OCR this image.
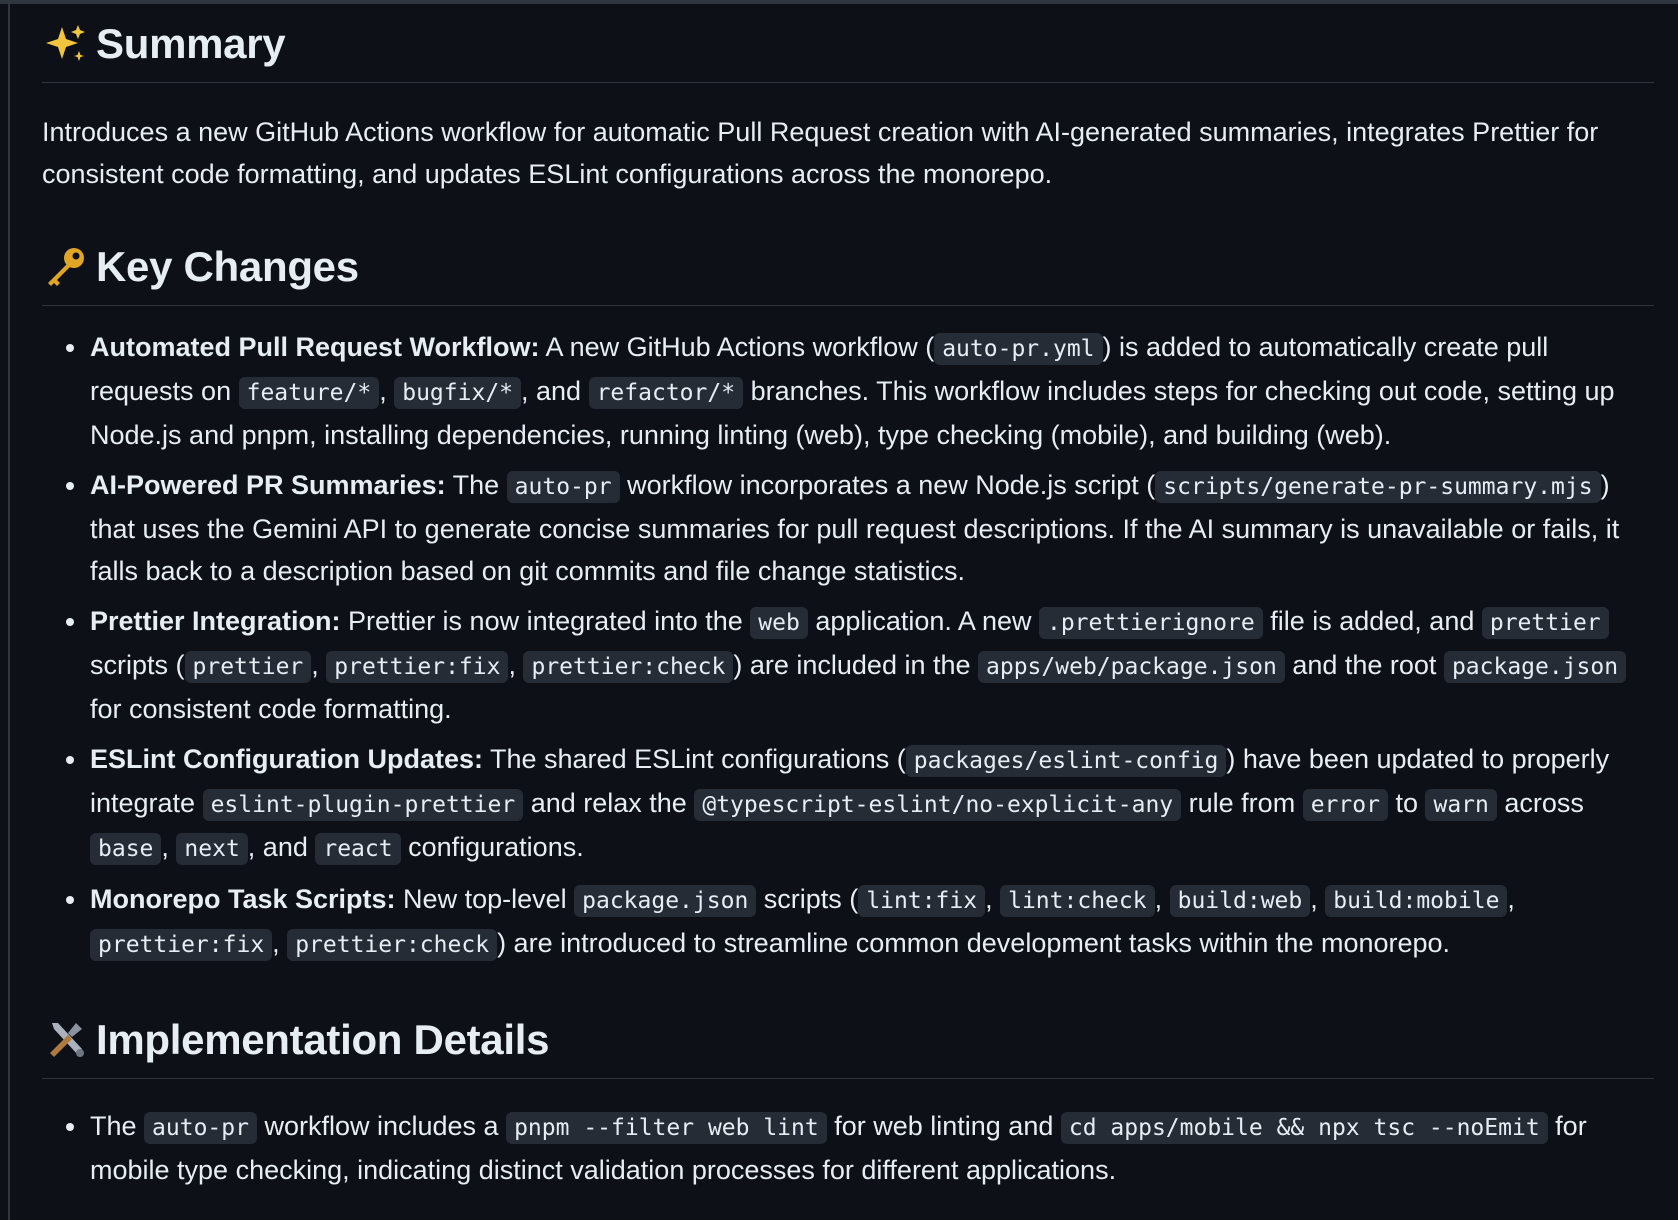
Summary

Introduces a new GitHub Actions workflow for automatic Pull Request creation with AI-generated summaries, integrates Prettier for consistent code formatting, and updates ESLint configurations across the monorepo.

Key Changes
Automated Pull Request Workflow: A new GitHub Actions workflow ( auto-pr.yml ) is added to automatically create pull requests on feature/* , bugfix/* , and refactor/* branches. This workflow includes steps for checking out code, setting up Node.js and pnpm, installing dependencies, running linting (web), type checking (mobile), and building (web).
AI-Powered PR Summaries: The auto-pr workflow incorporates a new Node.js script ( scripts/generate-pr-summary.mjs ) that uses the Gemini API to generate concise summaries for pull request descriptions. If the AI summary is unavailable or fails, it falls back to a description based on git commits and file change statistics.
Prettier Integration: Prettier is now integrated into the web application. A new .prettierignore file is added, and prettier scripts ( prettier , prettier:fix , prettier:check ) are included in the apps/web/package.json and the root package.json for consistent code formatting.
ESLint Configuration Updates: The shared ESLint configurations ( packages/eslint-config ) have been updated to properly integrate eslint-plugin-prettier and relax the @typescript-eslint/no-explicit-any rule from error to warn across base , next , and react configurations.
Monorepo Task Scripts: New top-level package.json scripts ( lint:fix , lint:check , build:web , build:mobile , prettier:fix , prettier:check ) are introduced to streamline common development tasks within the monorepo.
Implementation Details
The auto-pr workflow includes a pnpm --filter web lint for web linting and cd apps/mobile && npx tsc --noEmit for mobile type checking, indicating distinct validation processes for different applications.
